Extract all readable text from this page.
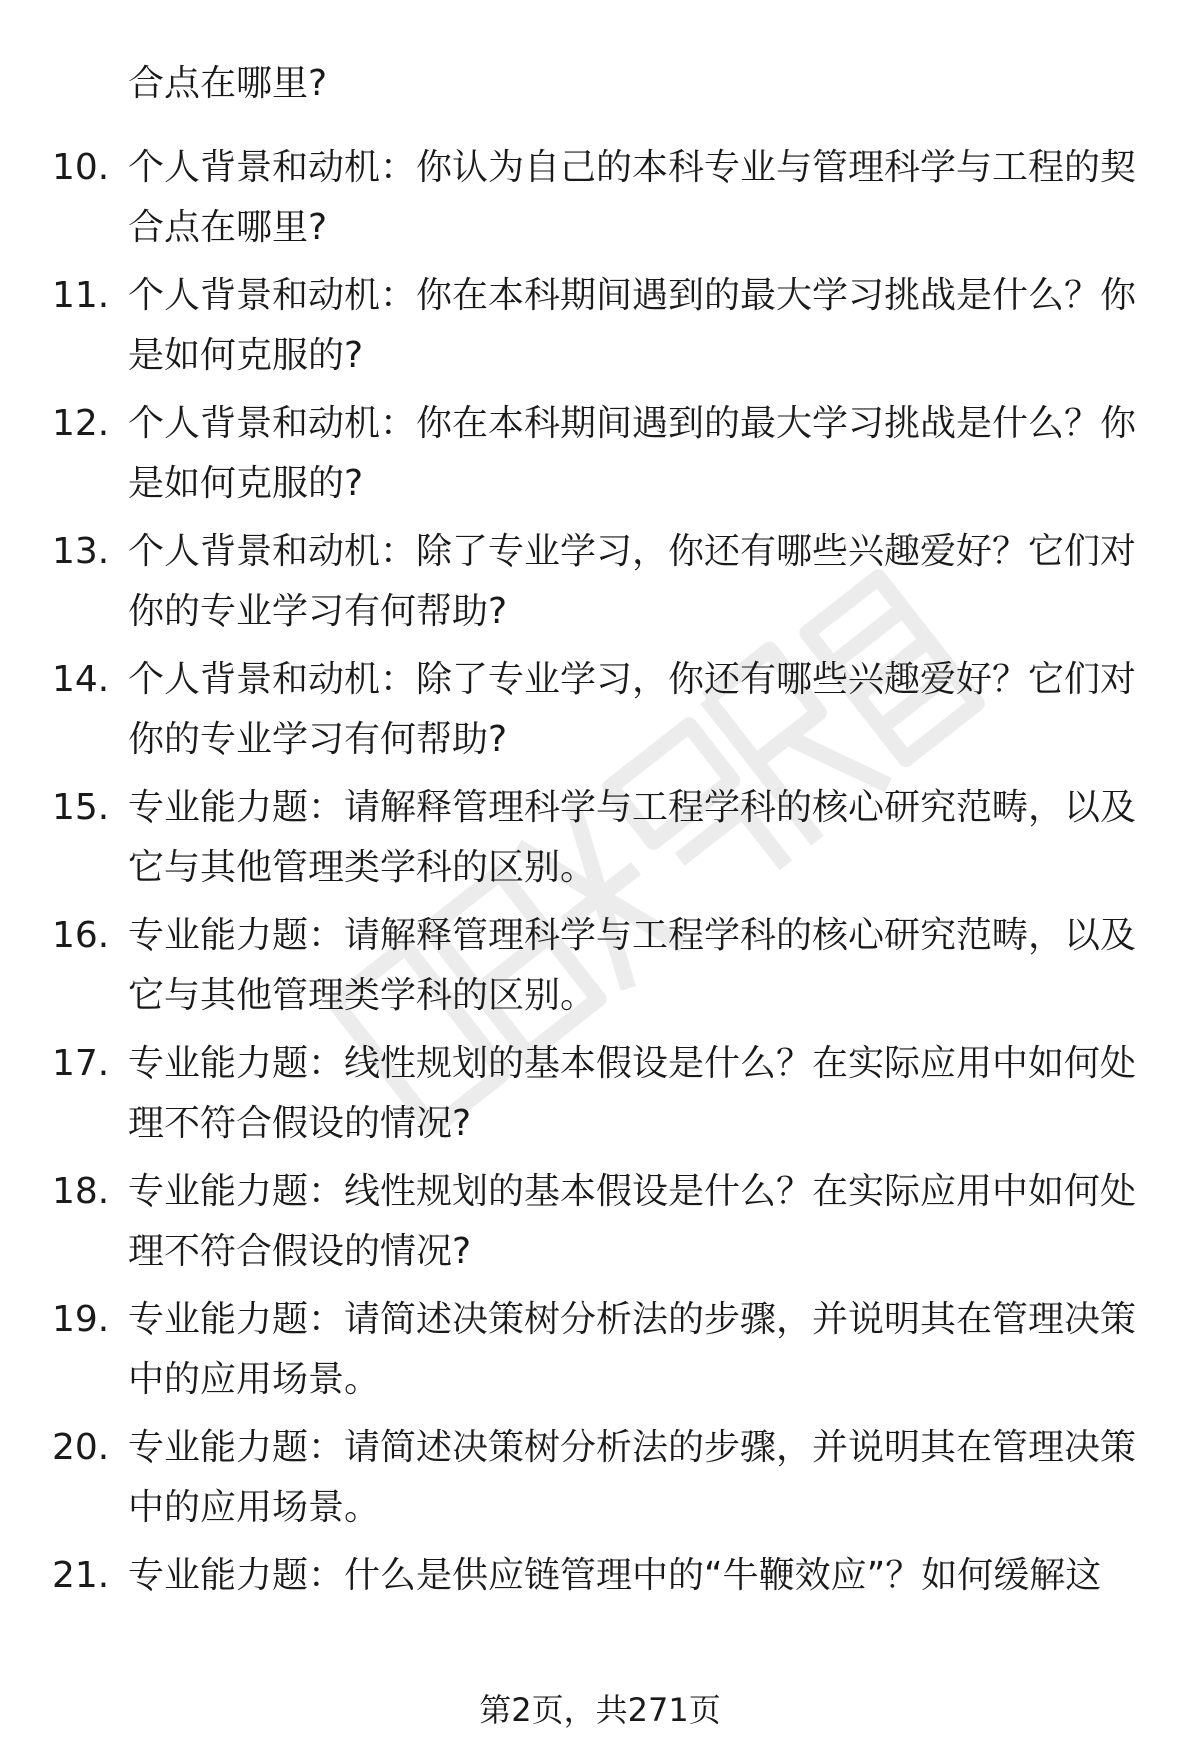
合点在哪里?
10. 个人背景和动机：你认为自己的本科专业与管理科学与工程的契
合点在哪里?
11. 个人背景和动机：你在本科期间遇到的最大学习挑战是什么？你
是如何克服的?
12. 个人背景和动机：你在本科期间遇到的最大学习挑战是什么？你
是如何克服的?
13. 个人背景和动机：除了专业学习，你还有哪些兴趣爱好？它们对
你的专业学习有何帮助?
14. 个人背景和动机：除了专业学习，你还有哪些兴趣爱好？它们对
你的专业学习有何帮助?
15. 专业能力题：请解释管理科学与工程学科的核心研究范畴，以及
它与其他管理类学科的区别。
16. 专业能力题：请解释管理科学与工程学科的核心研究范畴，以及
它与其他管理类学科的区别。
17. 专业能力题：线性规划的基本假设是什么？在实际应用中如何处
理不符合假设的情况?
18. 专业能力题：线性规划的基本假设是什么？在实际应用中如何处
理不符合假设的情况?
19. 专业能力题：请简述决策树分析法的步骤，并说明其在管理决策
中的应用场景。
20. 专业能力题：请简述决策树分析法的步骤，并说明其在管理决策
中的应用场景。
21. 专业能力题：什么是供应链管理中的“牛鞭效应”？如何缓解这
第2页，共271页
